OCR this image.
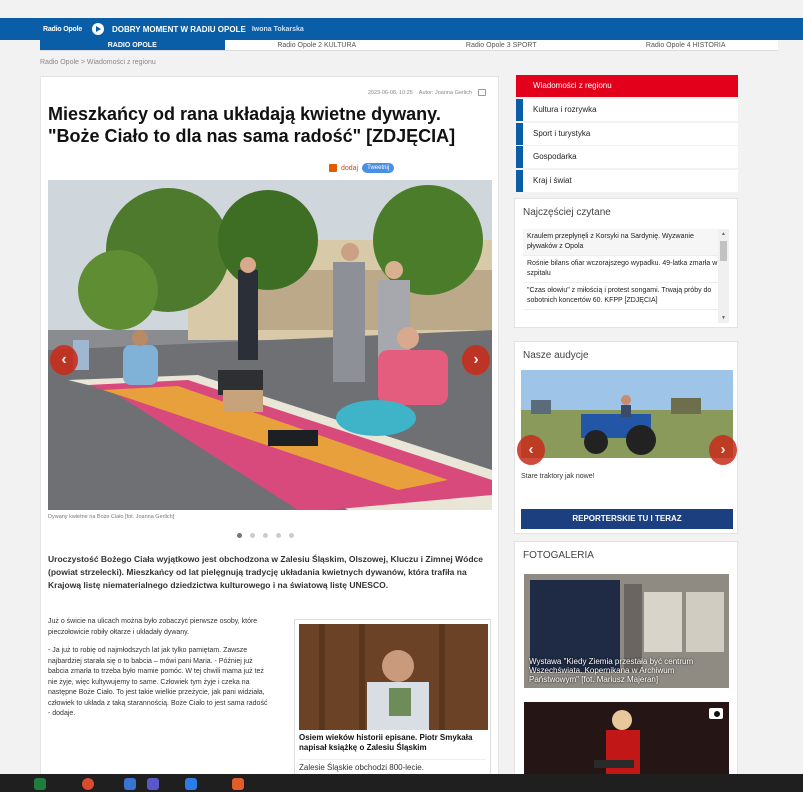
Radio Opole	DOBRY MOMENT W RADIU OPOLE Iwona Tokarska
RADIO OPOLE	Radio Opole 2 KULTURA	Radio Opole 3 SPORT	Radio Opole 4 HISTORIA
Radio Opole > Wiadomości z regionu
2023-06-08, 10:25 Autor: Joanna Gerlich
Mieszkańcy od rana układają kwietne dywany. "Boże Ciało to dla nas sama radość" [ZDJĘCIA]
dodaj	Tweetnij
‹	›
Dywany kwietne na Boże Ciało [fot. Joanna Gerlich]

Uroczystość Bożego Ciała wyjątkowo jest obchodzona w Zalesiu Śląskim, Olszowej, Kluczu i Zimnej Wódce (powiat strzelecki). Mieszkańcy od lat pielęgnują tradycję układania kwietnych dywanów, która trafiła na Krajową listę niematerialnego dziedzictwa kulturowego i na światową listę UNESCO.

Już o świcie na ulicach można było zobaczyć pierwsze osoby, które pieczołowicie robiły ołtarze i układały dywany.

- Ja już to robię od najmłodszych lat jak tylko pamiętam. Zawsze najbardziej starała się o to babcia – mówi pani Maria. - Później już babcia zmarła to trzeba było mamie pomóc. W tej chwili mama już też nie żyje, więc kultywujemy to same. Człowiek tym żyje i czeka na następne Boże Ciało. To jest takie wielkie przeżycie, jak pani widziała, człowiek to układa z taką starannością. Boże Ciało to jest sama radość - dodaje.

Osiem wieków historii episane. Piotr Smykała napisał książkę o Zalesiu Śląskim
Zalesie Śląskie obchodzi 800-lecie.
Wiadomości z regionu
Kultura i rozrywka
Sport i turystyka
Gospodarka
Kraj i świat
Najczęściej czytane
Kraulem przepłynęli z Korsyki na Sardynię. Wyzwanie pływaków z Opola
Rośnie bilans ofiar wczorajszego wypadku. 49-latka zmarła w szpitalu
"Czas ołowiu" z miłością i protest songami. Trwają próby do sobotnich koncertów 60. KFPP [ZDJĘCIA]
▲
▼
Nasze audycje
‹	›
Stare traktory jak nowe!
REPORTERSKIE TU I TERAZ
FOTOGALERIA
Wystawa "Kiedy Ziemia przestała być centrum Wszechświata. Kopernikana w Archiwum Państwowym" [fot. Mariusz Majeran]
